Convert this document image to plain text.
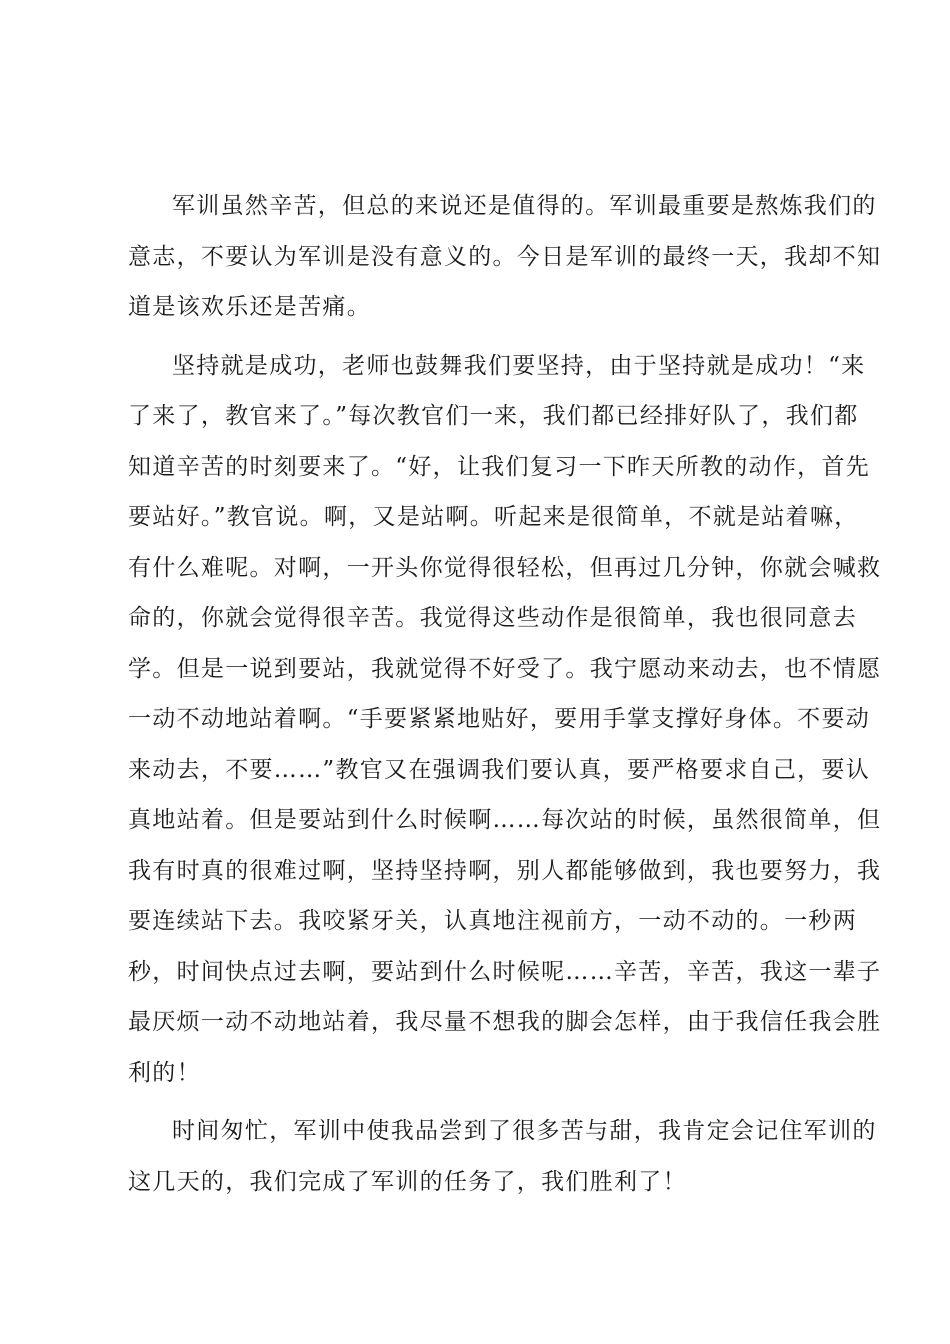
军训虽然辛苦，但总的来说还是值得的。军训最重要是熬炼我们的
意志，不要认为军训是没有意义的。今日是军训的最终一天，我却不知
道是该欢乐还是苦痛。
坚持就是成功，老师也鼓舞我们要坚持，由于坚持就是成功！“来
了来了，教官来了。”每次教官们一来，我们都已经排好队了，我们都
知道辛苦的时刻要来了。“好，让我们复习一下昨天所教的动作，首先
要站好。”教官说。啊，又是站啊。听起来是很简单，不就是站着嘛，
有什么难呢。对啊，一开头你觉得很轻松，但再过几分钟，你就会喊救
命的，你就会觉得很辛苦。我觉得这些动作是很简单，我也很同意去
学。但是一说到要站，我就觉得不好受了。我宁愿动来动去，也不情愿
一动不动地站着啊。“手要紧紧地贴好，要用手掌支撑好身体。不要动
来动去，不要……”教官又在强调我们要认真，要严格要求自己，要认
真地站着。但是要站到什么时候啊……每次站的时候，虽然很简单，但
我有时真的很难过啊，坚持坚持啊，别人都能够做到，我也要努力，我
要连续站下去。我咬紧牙关，认真地注视前方，一动不动的。一秒两
秒，时间快点过去啊，要站到什么时候呢……辛苦，辛苦，我这一辈子
最厌烦一动不动地站着，我尽量不想我的脚会怎样，由于我信任我会胜
利的！
时间匆忙，军训中使我品尝到了很多苦与甜，我肯定会记住军训的
这几天的，我们完成了军训的任务了，我们胜利了！
